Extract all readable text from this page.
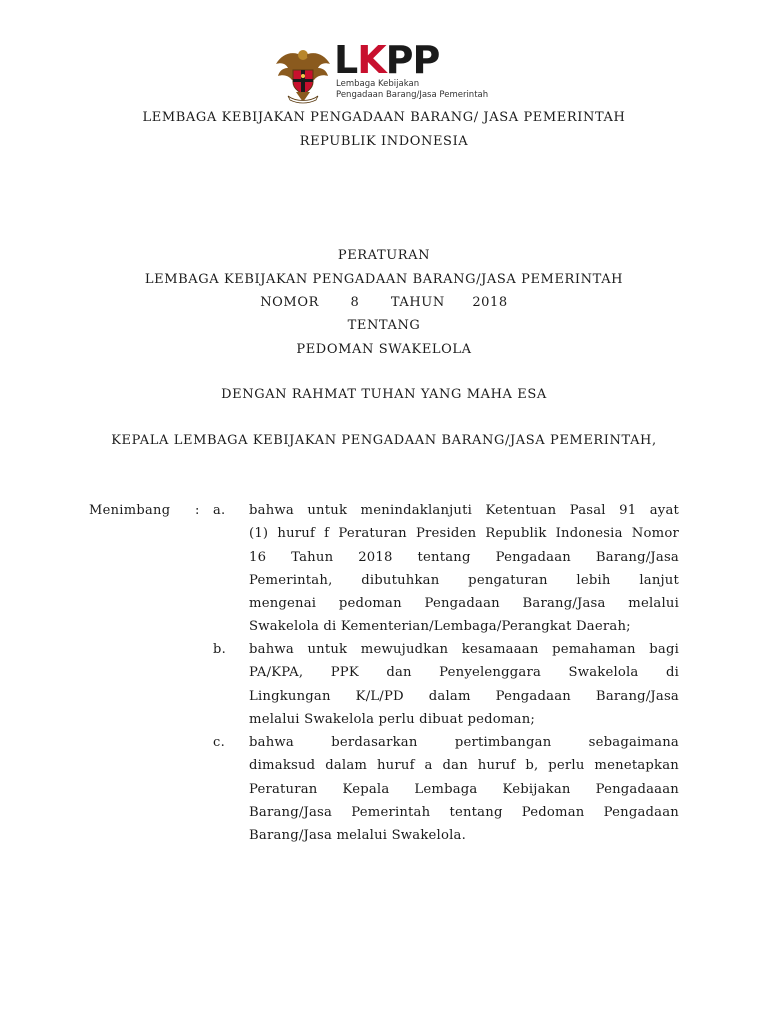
LKPP
Lembaga Kebijakan
Pengadaan Barang/Jasa Pemerintah
LEMBAGA KEBIJAKAN PENGADAAN BARANG/ JASA PEMERINTAH
REPUBLIK INDONESIA
PERATURAN
LEMBAGA KEBIJAKAN PENGADAAN BARANG/JASA PEMERINTAH
NOMOR 8 TAHUN 2018
TENTANG
PEDOMAN SWAKELOLA
DENGAN RAHMAT TUHAN YANG MAHA ESA
KEPALA LEMBAGA KEBIJAKAN PENGADAAN BARANG/JASA PEMERINTAH,
Menimbang : a. bahwa untuk menindaklanjuti Ketentuan Pasal 91 ayat
(1) huruf f Peraturan Presiden Republik Indonesia Nomor
16 Tahun 2018 tentang Pengadaan Barang/Jasa
Pemerintah, dibutuhkan pengaturan lebih lanjut
mengenai pedoman Pengadaan Barang/Jasa melalui
Swakelola di Kementerian/Lembaga/Perangkat Daerah;
b. bahwa untuk mewujudkan kesamaaan pemahaman bagi
PA/KPA, PPK dan Penyelenggara Swakelola di
Lingkungan K/L/PD dalam Pengadaan Barang/Jasa
melalui Swakelola perlu dibuat pedoman;
c. bahwa berdasarkan pertimbangan sebagaimana
dimaksud dalam huruf a dan huruf b, perlu menetapkan
Peraturan Kepala Lembaga Kebijakan Pengadaaan
Barang/Jasa Pemerintah tentang Pedoman Pengadaan
Barang/Jasa melalui Swakelola.
